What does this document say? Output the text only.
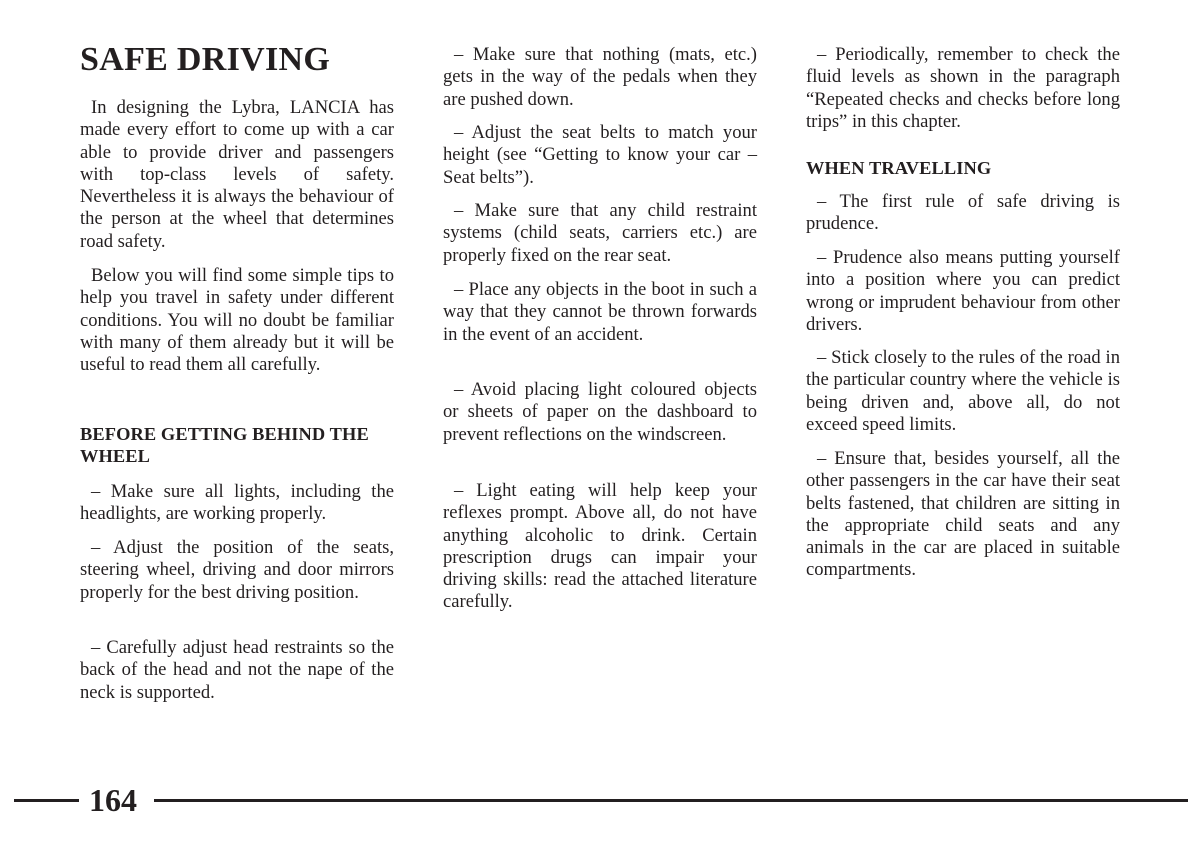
SAFE DRIVING

In designing the Lybra, LANCIA has made every effort to come up with a car able to provide driver and passengers with top-class levels of safety. Nevertheless it is always the behaviour of the person at the wheel that determines road safety.

Below you will find some simple tips to help you travel in safety under different conditions. You will no doubt be familiar with many of them already but it will be useful to read them all carefully.

BEFORE GETTING BEHIND THE WHEEL

– Make sure all lights, including the headlights, are working properly.

– Adjust the position of the seats, steering wheel, driving and door mirrors properly for the best driving position.

– Carefully adjust head restraints so the back of the head and not the nape of the neck is supported.

– Make sure that nothing (mats, etc.) gets in the way of the pedals when they are pushed down.

– Adjust the seat belts to match your height (see “Getting to know your car – Seat belts”).

– Make sure that any child restraint systems (child seats, carriers etc.) are properly fixed on the rear seat.

– Place any objects in the boot in such a way that they cannot be thrown forwards in the event of an accident.

– Avoid placing light coloured objects or sheets of paper on the dashboard to prevent reflections on the windscreen.

– Light eating will help keep your reflexes prompt. Above all, do not have anything alcoholic to drink. Certain prescription drugs can impair your driving skills: read the attached literature carefully.

– Periodically, remember to check the fluid levels as shown in the paragraph “Repeated checks and checks before long trips” in this chapter.

WHEN TRAVELLING

– The first rule of safe driving is prudence.

– Prudence also means putting yourself into a position where you can predict wrong or imprudent behaviour from other drivers.

– Stick closely to the rules of the road in the particular country where the vehicle is being driven and, above all, do not exceed speed limits.

– Ensure that, besides yourself, all the other passengers in the car have their seat belts fastened, that children are sitting in the appropriate child seats and any animals in the car are placed in suitable compartments.

164
